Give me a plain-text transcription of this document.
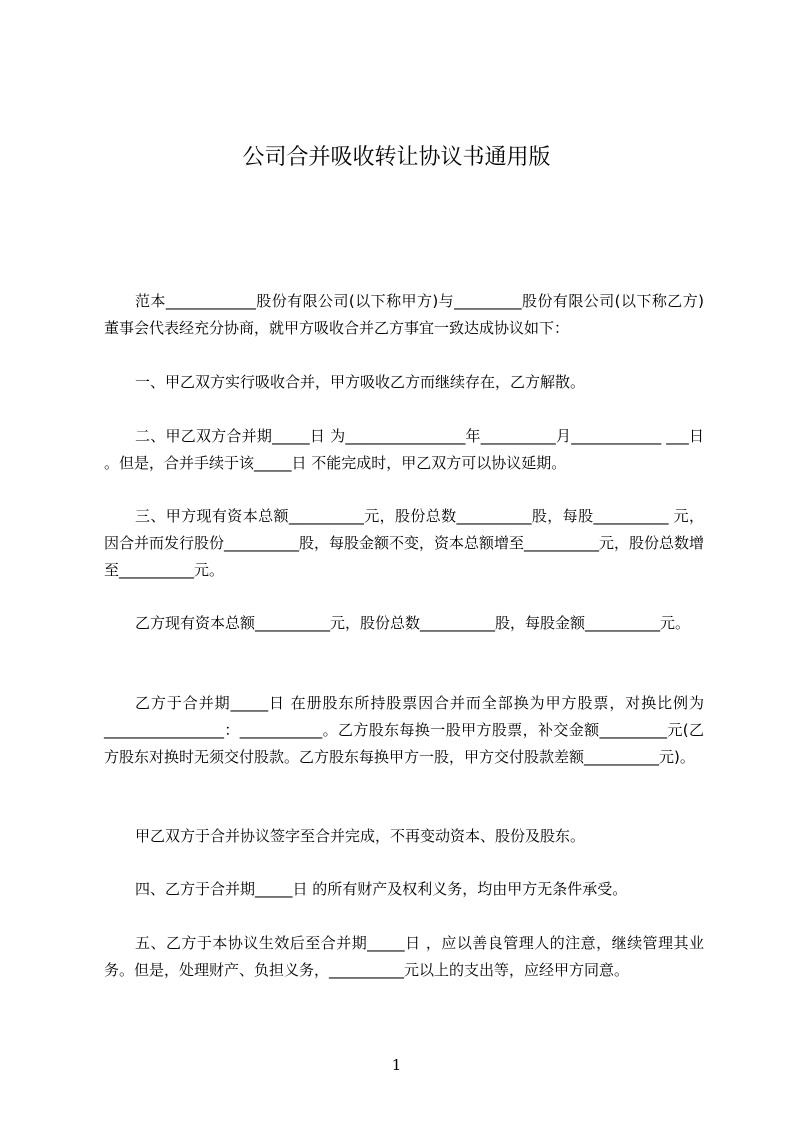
公司合并吸收转让协议书通用版

范本____________股份有限公司(以下称甲方)与_________股份有限公司(以下称乙方)董事会代表经充分协商，就甲方吸收合并乙方事宜一致达成协议如下：

一、甲乙双方实行吸收合并，甲方吸收乙方而继续存在，乙方解散。

二、甲乙双方合并期_____日 为________________年__________月____________ ___日 。但是，合并手续于该_____日 不能完成时，甲乙双方可以协议延期。

三、甲方现有资本总额__________元，股份总数__________股，每股__________ 元，因合并而发行股份__________股，每股金额不变，资本总额增至__________元，股份总数增至__________元。

乙方现有资本总额__________元，股份总数__________股，每股金额__________元。

乙方于合并期_____日 在册股东所持股票因合并而全部换为甲方股票，对换比例为________________：___________。乙方股东每换一股甲方股票，补交金额_________元(乙方股东对换时无须交付股款。乙方股东每换甲方一股，甲方交付股款差额__________元)。

甲乙双方于合并协议签字至合并完成，不再变动资本、股份及股东。

四、乙方于合并期_____日 的所有财产及权利义务，均由甲方无条件承受。

五、乙方于本协议生效后至合并期_____日 ，应以善良管理人的注意，继续管理其业务。但是，处理财产、负担义务，__________元以上的支出等，应经甲方同意。

1
